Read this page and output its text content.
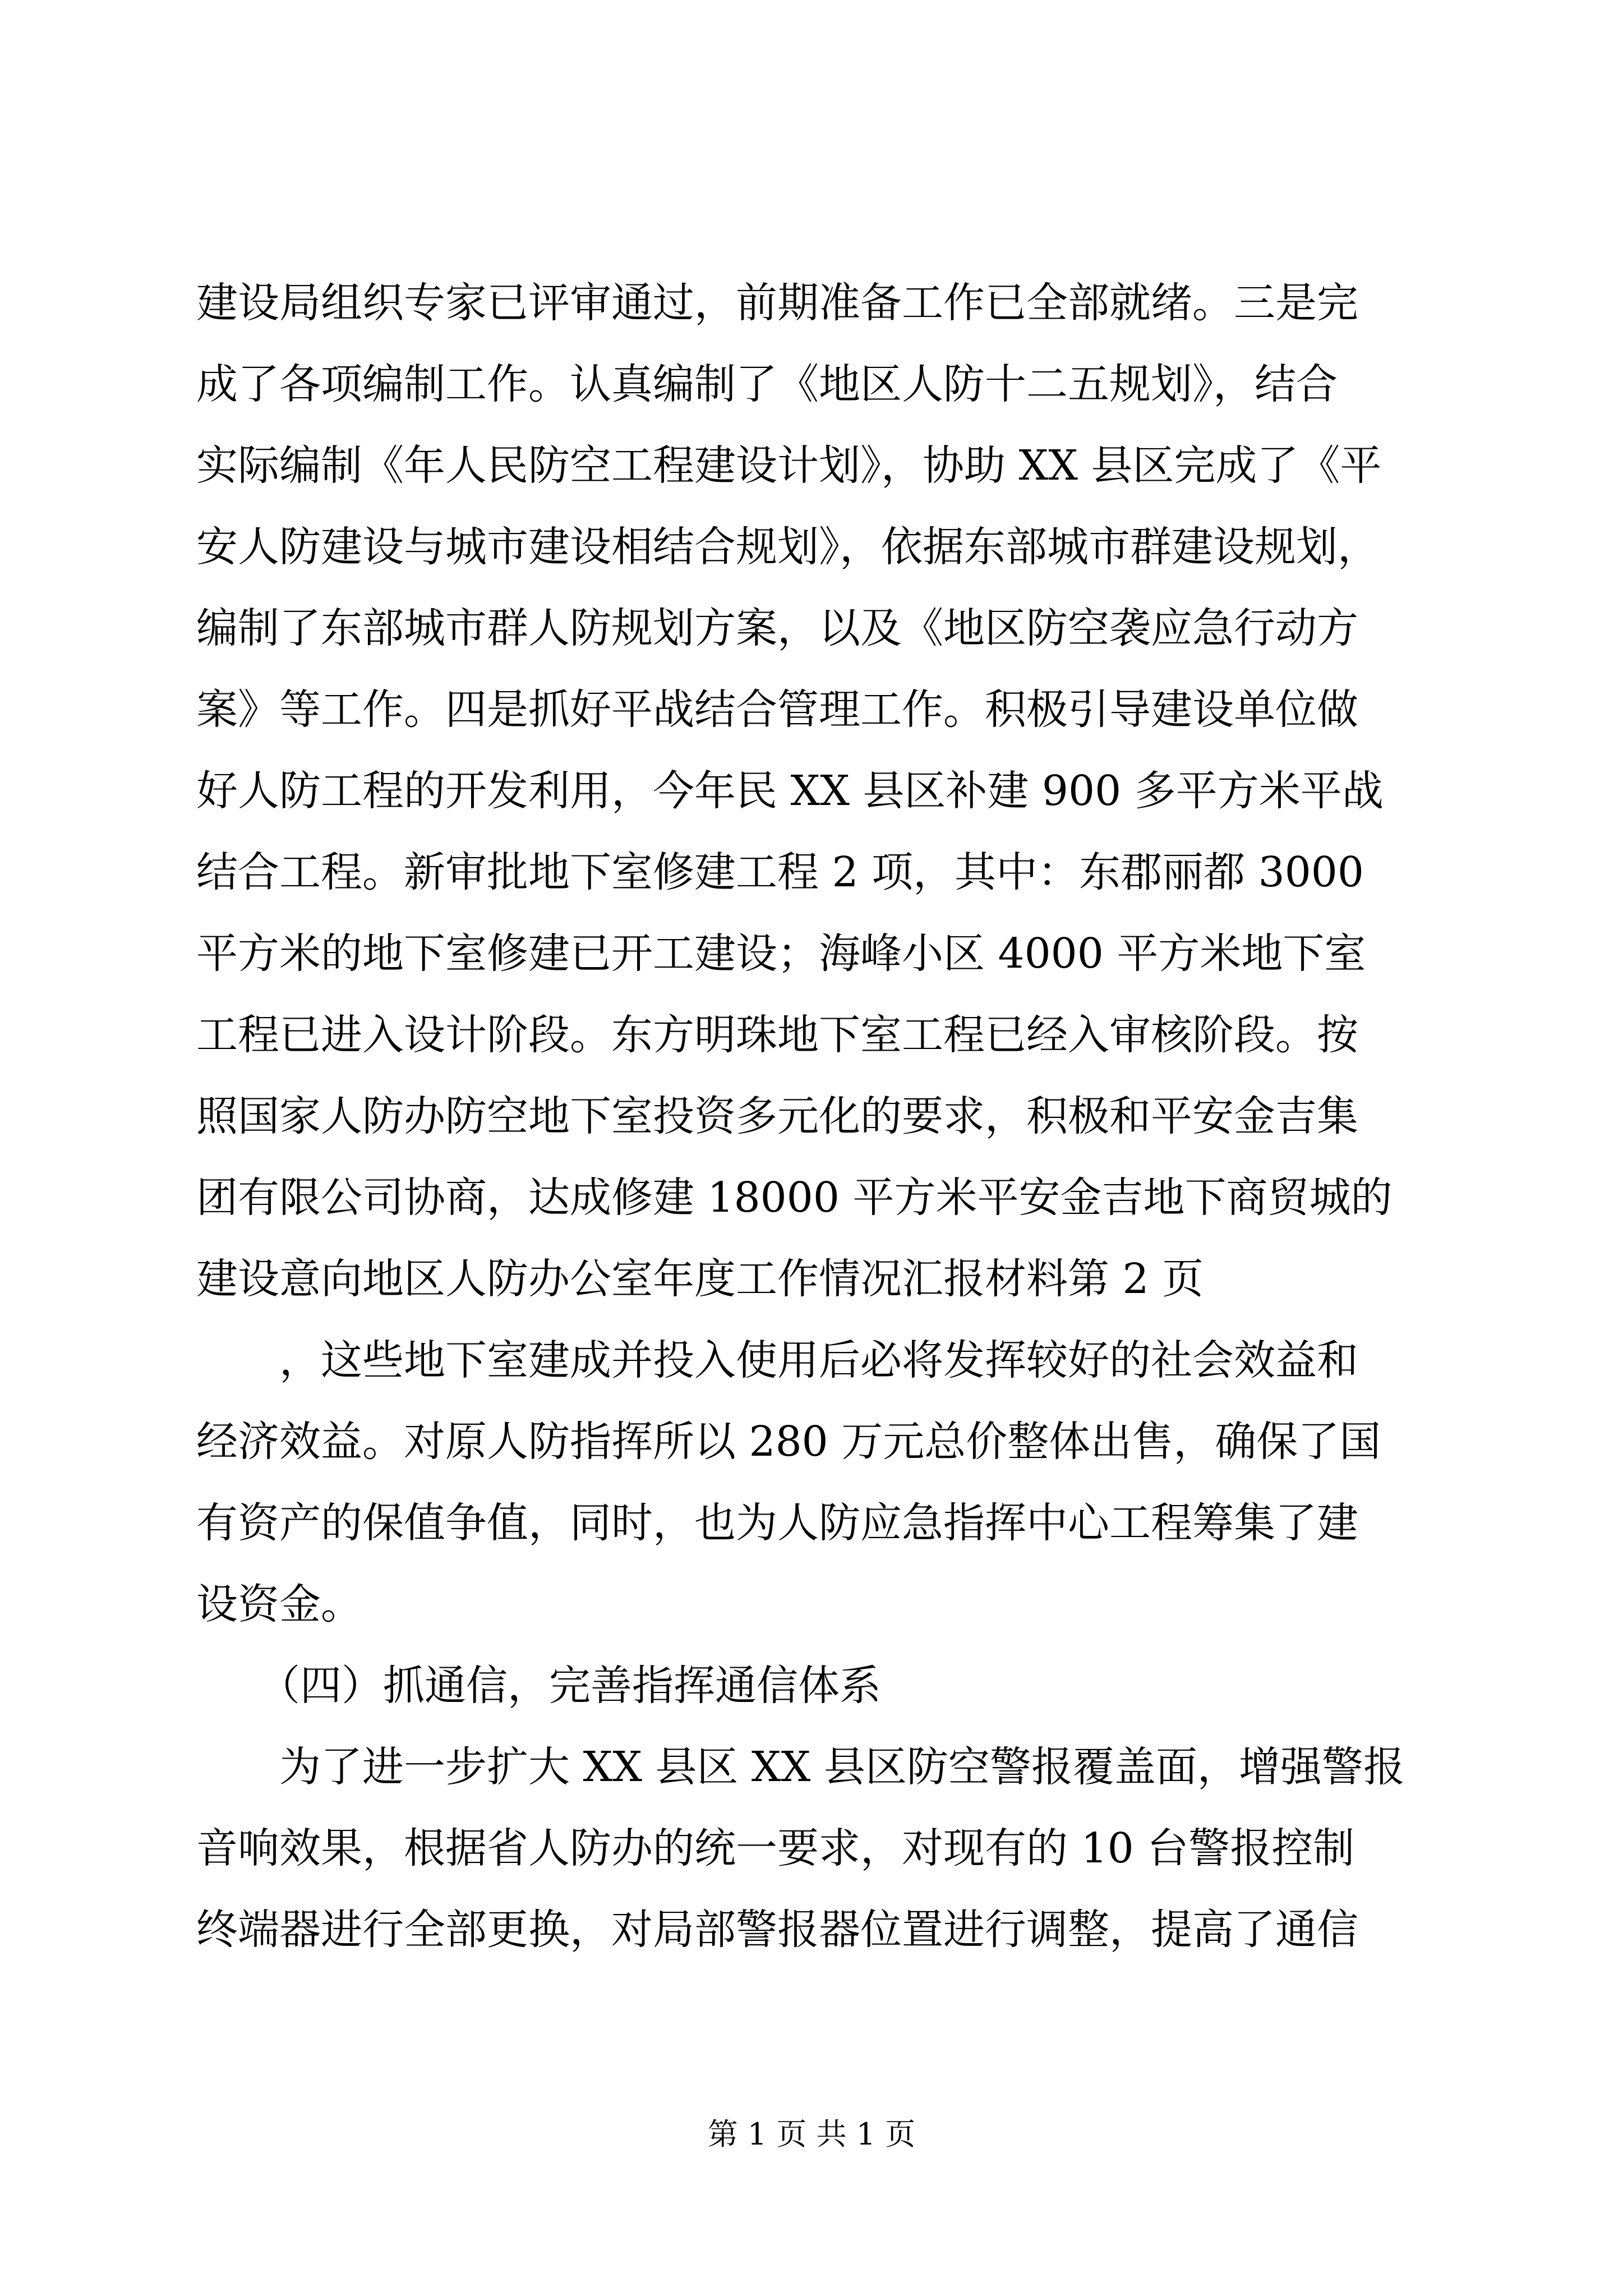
建设局组织专家已评审通过，前期准备工作已全部就绪。三是完
成了各项编制工作。认真编制了《地区人防十二五规划》，结合
实际编制《年人民防空工程建设计划》，协助 XX 县区完成了《平
安人防建设与城市建设相结合规划》，依据东部城市群建设规划，
编制了东部城市群人防规划方案，以及《地区防空袭应急行动方
案》等工作。四是抓好平战结合管理工作。积极引导建设单位做
好人防工程的开发利用，今年民 XX 县区补建 900 多平方米平战
结合工程。新审批地下室修建工程 2 项，其中：东郡丽都 3000
平方米的地下室修建已开工建设；海峰小区 4000 平方米地下室
工程已进入设计阶段。东方明珠地下室工程已经入审核阶段。按
照国家人防办防空地下室投资多元化的要求，积极和平安金吉集
团有限公司协商，达成修建 18000 平方米平安金吉地下商贸城的
建设意向地区人防办公室年度工作情况汇报材料第 2 页
　　，这些地下室建成并投入使用后必将发挥较好的社会效益和
经济效益。对原人防指挥所以 280 万元总价整体出售，确保了国
有资产的保值争值，同时，也为人防应急指挥中心工程筹集了建
设资金。
　　（四）抓通信，完善指挥通信体系
　　为了进一步扩大 XX 县区 XX 县区防空警报覆盖面，增强警报
音响效果，根据省人防办的统一要求，对现有的 10 台警报控制
终端器进行全部更换，对局部警报器位置进行调整，提高了通信
第 1 页 共 1 页
